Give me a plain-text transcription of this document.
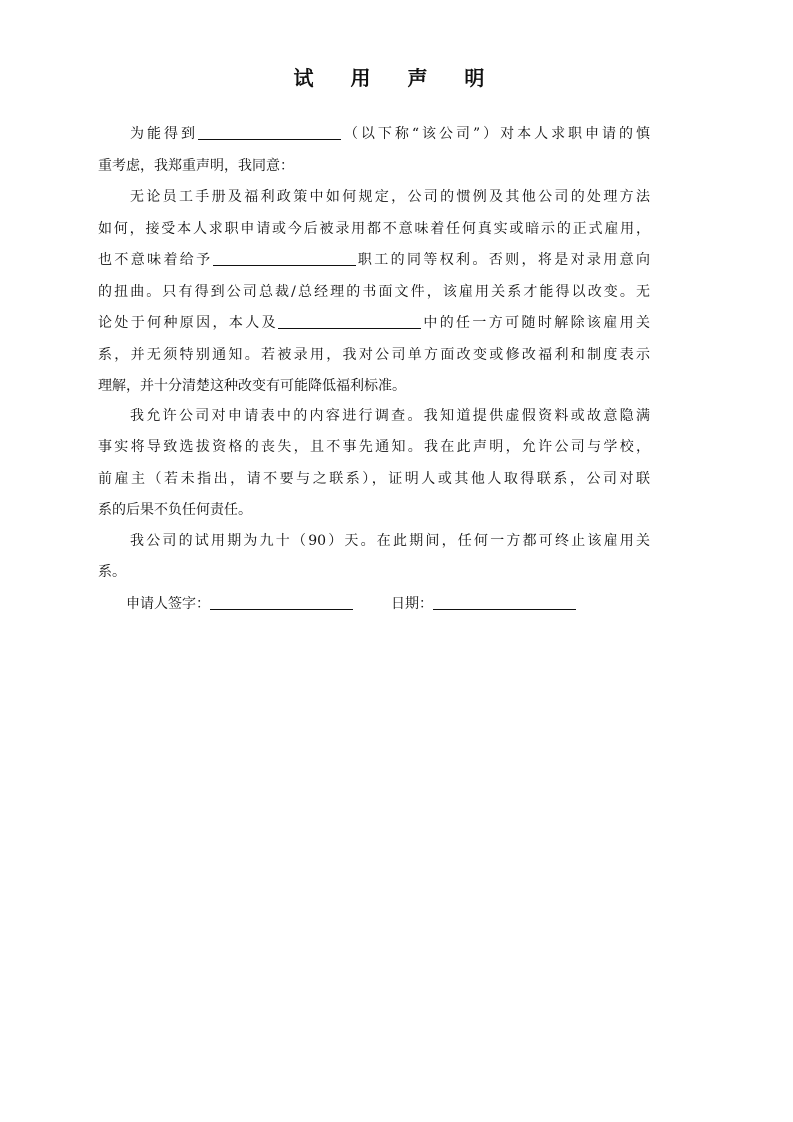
试 用 声 明
为能得到	（以下称“该公司”）对本人求职申请的慎
重考虑，我郑重声明，我同意：
无论员工手册及福利政策中如何规定，公司的惯例及其他公司的处理方法
如何，接受本人求职申请或今后被录用都不意味着任何真实或暗示的正式雇用，
也不意味着给予	职工的同等权利。否则，将是对录用意向
的扭曲。只有得到公司总裁/总经理的书面文件，该雇用关系才能得以改变。无
论处于何种原因，本人及	中的任一方可随时解除该雇用关
系，并无须特别通知。若被录用，我对公司单方面改变或修改福利和制度表示
理解，并十分清楚这种改变有可能降低福利标准。
我允许公司对申请表中的内容进行调查。我知道提供虚假资料或故意隐满
事实将导致选拔资格的丧失，且不事先通知。我在此声明，允许公司与学校，
前雇主（若未指出，请不要与之联系），证明人或其他人取得联系，公司对联
系的后果不负任何责任。
我公司的试用期为九十（90）天。在此期间，任何一方都可终止该雇用关
系。
申请人签字：	日期：
